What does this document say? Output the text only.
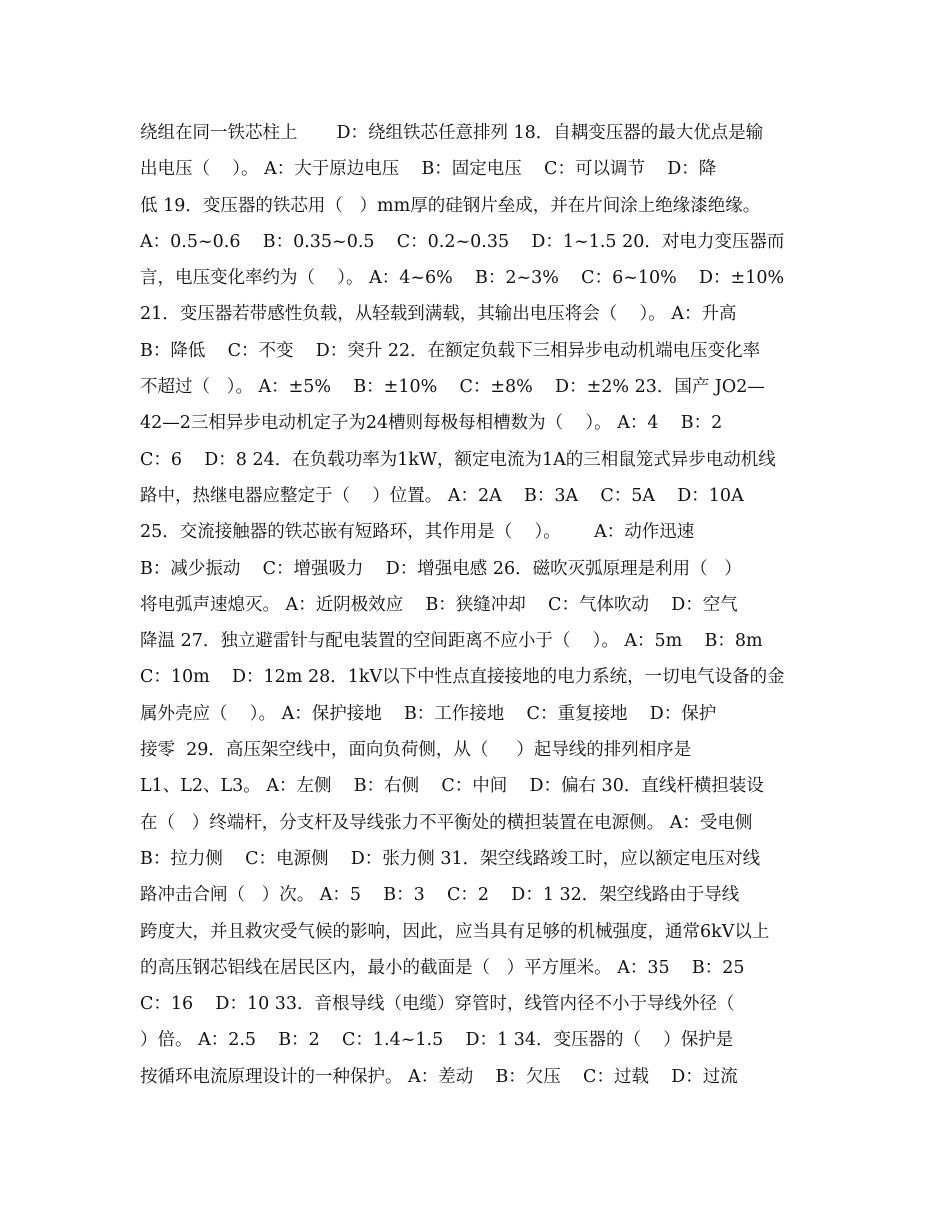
绕组在同一铁芯柱上       D：绕组铁芯任意排列 18．自耦变压器的最大优点是输
出电压（    ）。 A：大于原边电压    B：固定电压    C：可以调节    D：降
低 19．变压器的铁芯用（   ）mm厚的硅钢片垒成，并在片间涂上绝缘漆绝缘。
A：0.5~0.6    B：0.35~0.5    C：0.2~0.35    D：1~1.5 20．对电力变压器而
言，电压变化率约为（    ）。 A：4~6%    B：2~3%    C：6~10%    D：±10%
21．变压器若带感性负载，从轻载到满载，其输出电压将会（    ）。 A：升高
B：降低    C：不变    D：突升 22．在额定负载下三相异步电动机端电压变化率
不超过（   ）。 A：±5%    B：±10%    C：±8%    D：±2% 23．国产 JO2—
42—2三相异步电动机定子为24槽则每极每相槽数为（    ）。 A：4    B：2
C：6    D：8 24．在负载功率为1kW，额定电流为1A的三相鼠笼式异步电动机线
路中，热继电器应整定于（    ）位置。 A：2A    B：3A    C：5A    D：10A
25．交流接触器的铁芯嵌有短路环，其作用是（    ）。      A：动作迅速
B：减少振动    C：增强吸力    D：增强电感 26．磁吹灭弧原理是利用（   ）
将电弧声速熄灭。 A：近阴极效应    B：狭缝冲却    C：气体吹动    D：空气
降温 27．独立避雷针与配电装置的空间距离不应小于（    ）。 A：5m    B：8m
C：10m    D：12m 28．1kV以下中性点直接接地的电力系统，一切电气设备的金
属外壳应（    ）。 A：保护接地    B：工作接地    C：重复接地    D：保护
接零  29．高压架空线中，面向负荷侧，从（     ）起导线的排列相序是
L1、L2、L3。 A：左侧    B：右侧    C：中间    D：偏右 30．直线杆横担装设
在（   ）终端杆，分支杆及导线张力不平衡处的横担装置在电源侧。 A：受电侧
B：拉力侧    C：电源侧    D：张力侧 31．架空线路竣工时，应以额定电压对线
路冲击合闸（   ）次。 A：5    B：3    C：2    D：1 32．架空线路由于导线
跨度大，并且救灾受气候的影响，因此，应当具有足够的机械强度，通常6kV以上
的高压钢芯铝线在居民区内，最小的截面是（   ）平方厘米。 A：35    B：25
C：16    D：10 33．音根导线（电缆）穿管时，线管内径不小于导线外径（
）倍。 A：2.5    B：2    C：1.4~1.5    D：1 34．变压器的（    ）保护是
按循环电流原理设计的一种保护。 A：差动    B：欠压    C：过载    D：过流
